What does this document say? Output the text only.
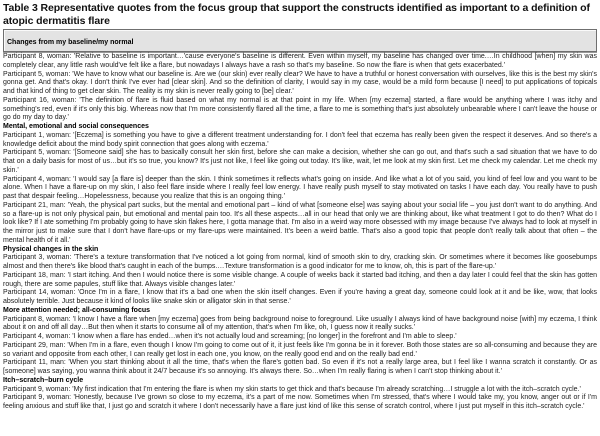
Table 3 Representative quotes from the focus group that support the constructs identified as important to a definition of atopic dermatitis flare
Changes from my baseline/my normal
Participant 8, woman: 'Relative to baseline is important…'cause everyone's baseline is different. Even within myself, my baseline has changed over time.…In childhood [when] my skin was completely clear, any little rash would've felt like a flare, but nowadays I always have a rash so that's my baseline. So now the flare is when that gets exacerbated.'
Participant 5, woman: 'We have to know what our baseline is. Are we (our skin) ever really clear? We have to have a truthful or honest conversation with ourselves, like this is the best my skin's gonna get. And that's okay. I don't think I've ever had [clear skin]. And so the definition of clarity, I would say in my case, would be a mild form because [I need] to put applications of topicals and that kind of thing to get clear skin. The reality is my skin is never really going to [be] clear.'
Participant 16, woman: 'The definition of flare is fluid based on what my normal is at that point in my life. When [my eczema] started, a flare would be anything where I was itchy and something's red, even if it's only this big. Whereas now that I'm more consistently flared all the time, a flare to me is something that's just absolutely unbearable where I can't leave the house or go do my day to day.'
Mental, emotional and social consequences
Participant 1, woman: '[Eczema] is something you have to give a different treatment understanding for. I don't feel that eczema has really been given the respect it deserves. And so there's a knowledge deficit about the mind body spirit connection that goes along with eczema.'
Participant 5, woman: '[Someone said] she has to basically consult her skin first, before she can make a decision, whether she can go out, and that's such a sad situation that we have to do that on a daily basis for most of us…but it's so true, you know? It's just not like, I feel like going out today. It's like, wait, let me look at my skin first. Let me check my calendar. Let me check my skin.'
Participant 4, woman: 'I would say [a flare is] deeper than the skin. I think sometimes it reflects what's going on inside. And like what a lot of you said, you kind of feel low and you want to be alone. When I have a flare-up on my skin, I also feel flare inside where I really feel low energy. I have really push myself to stay motivated on tasks I have each day. You really have to push past that despair feeling…Hopelessness, because you realize that this is an ongoing thing.'
Participant 21, man: 'Yeah, the physical part sucks, but the mental and emotional part – kind of what [someone else] was saying about your social life – you just don't want to do anything. And so a flare-up is not only physical pain, but emotional and mental pain too. It's all these aspects…all in our head that only we are thinking about, like what treatment I got to do then? What do I look like? If I ate something I'm probably going to have skin flakes here, I gotta manage that. I'm also in a weird way more obsessed with my image because I've always had to look at myself in the mirror just to make sure that I don't have flare-ups or my flare-ups were maintained. It's been a weird battle. That's also a good topic that people don't really talk about that often – the mental health of it all.'
Physical changes in the skin
Participant 3, woman: 'There's a texture transformation that I've noticed a lot going from normal, kind of smooth skin to dry, cracking skin. Or sometimes where it becomes like goosebumps almost and then there's like blood that's caught in each of the bumps.…Texture transformation is a good indicator for me to know, oh, this is part of the flare-up.'
Participant 18, man: 'I start itching. And then I would notice there is some visible change. A couple of weeks back it started bad itching, and then a day later I could feel that the skin has gotten rough, there are some papules, stuff like that. Always visible changes later.'
Participant 14, woman: 'Once I'm in a flare, I know that it's a bad one when the skin itself changes. Even if you're having a great day, someone could look at it and be like, wow, that looks absolutely terrible. Just because it kind of looks like snake skin or alligator skin in that sense.'
More attention needed; all-consuming focus
Participant 8, woman: 'I know I have a flare when [my eczema] goes from being background noise to foreground. Like usually I always kind of have background noise [with] my eczema, I think about it on and off all day…But then when it starts to consume all of my attention, that's when I'm like, oh, I guess now it really sucks.'
Participant 4, woman: 'I know when a flare has ended…when it's not actually loud and screaming; [no longer] in the forefront and I'm able to sleep.'
Participant 29, man: 'When I'm in a flare, even though I know I'm going to come out of it, it just feels like I'm gonna be in it forever. Both those states are so all-consuming and because they are so variant and opposite from each other, I can really get lost in each one, you know, on the really good end and on the really bad end.'
Participant 11, man: 'When you start thinking about it all the time, that's when the flare's gotten bad. So even if it's not a really large area, but I feel like I wanna scratch it constantly. Or as [someone] was saying, you wanna think about it 24/7 because it's so annoying. It's always there. So…when I'm really flaring is when I can't stop thinking about it.'
Itch–scratch–burn cycle
Participant 9, woman: 'My first indication that I'm entering the flare is when my skin starts to get thick and that's because I'm already scratching…I struggle a lot with the itch–scratch cycle.'
Participant 9, woman: 'Honestly, because I've grown so close to my eczema, it's a part of me now. Sometimes when I'm stressed, that's where I would take my, you know, anger out or if I'm feeling anxious and stuff like that, I just go and scratch it where I don't necessarily have a flare just kind of like this sense of scratch control, where I just put myself in this itch–scratch cycle.'
